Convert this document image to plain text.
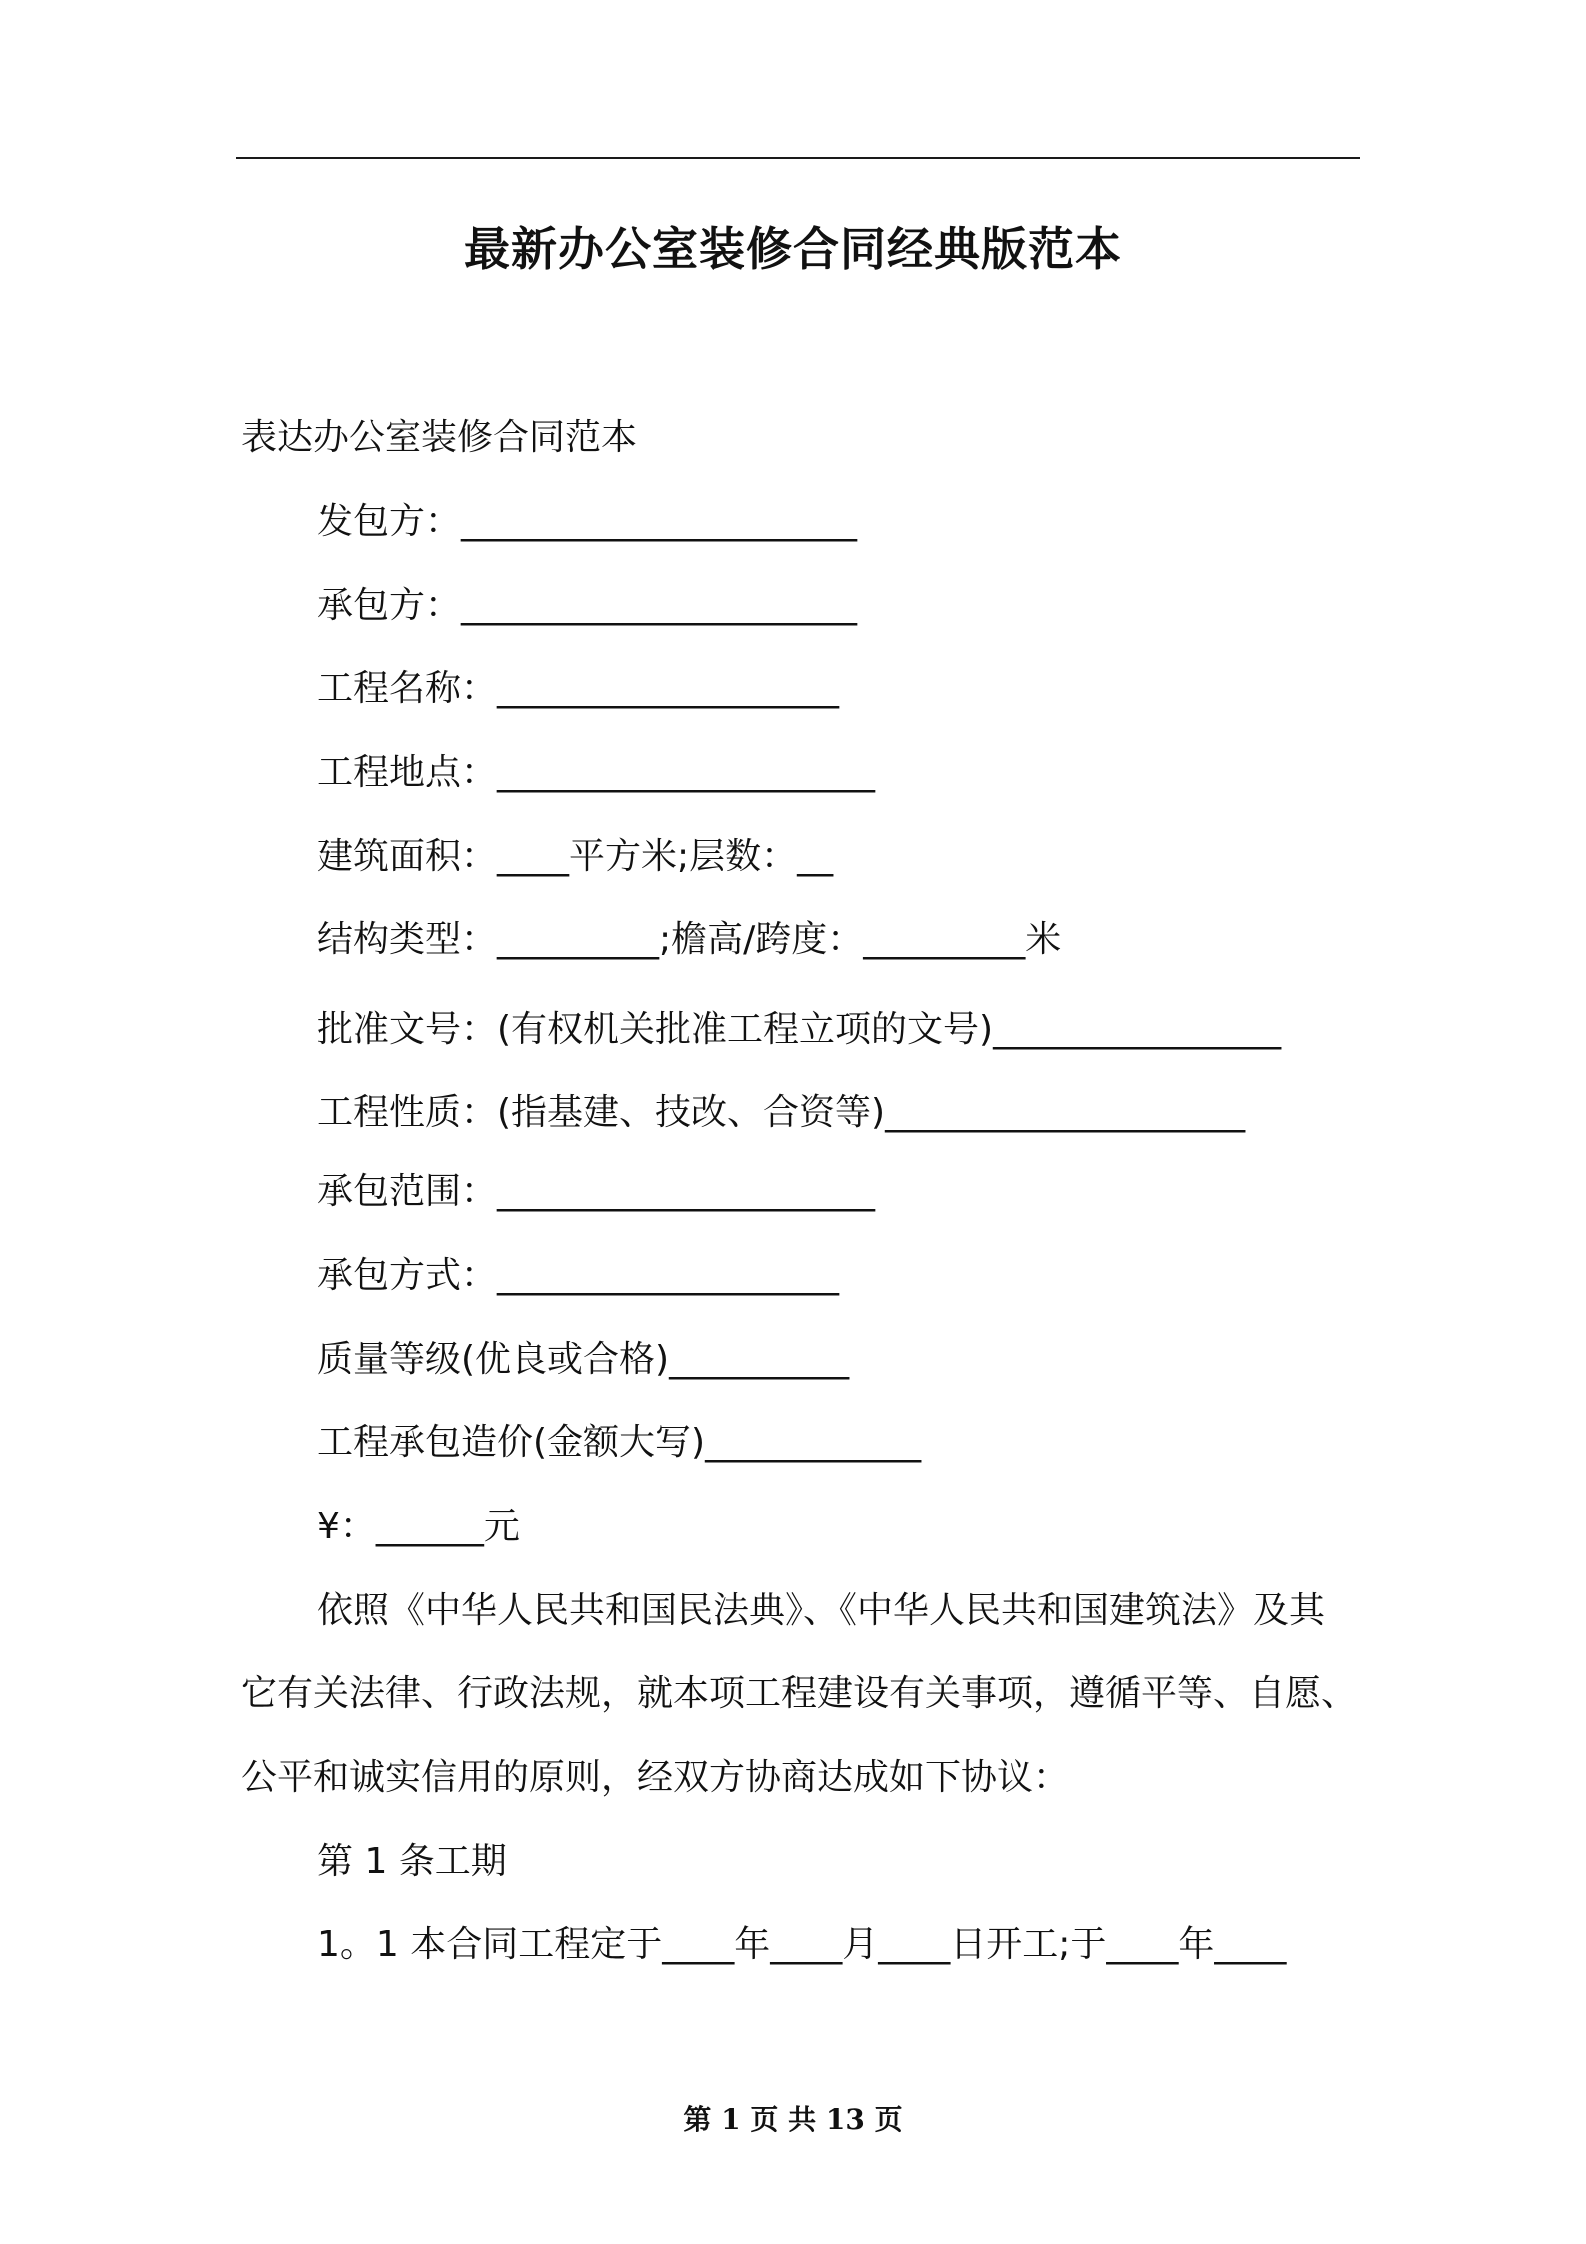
最新办公室装修合同经典版范本
表达办公室装修合同范本
发包方：______________________
承包方：______________________
工程名称：___________________
工程地点：_____________________
建筑面积：____平方米;层数：__
结构类型：_________;檐高/跨度：_________米
批准文号：(有权机关批准工程立项的文号)________________
工程性质：(指基建、技改、合资等)____________________
承包范围：_____________________
承包方式：___________________
质量等级(优良或合格)__________
工程承包造价(金额大写)____________
¥：______元
依照《中华人民共和国民法典》、《中华人民共和国建筑法》及其
它有关法律、行政法规，就本项工程建设有关事项，遵循平等、自愿、
公平和诚实信用的原则，经双方协商达成如下协议：
第 1 条工期
1。1 本合同工程定于____年____月____日开工;于____年____
第 1 页 共 13 页
